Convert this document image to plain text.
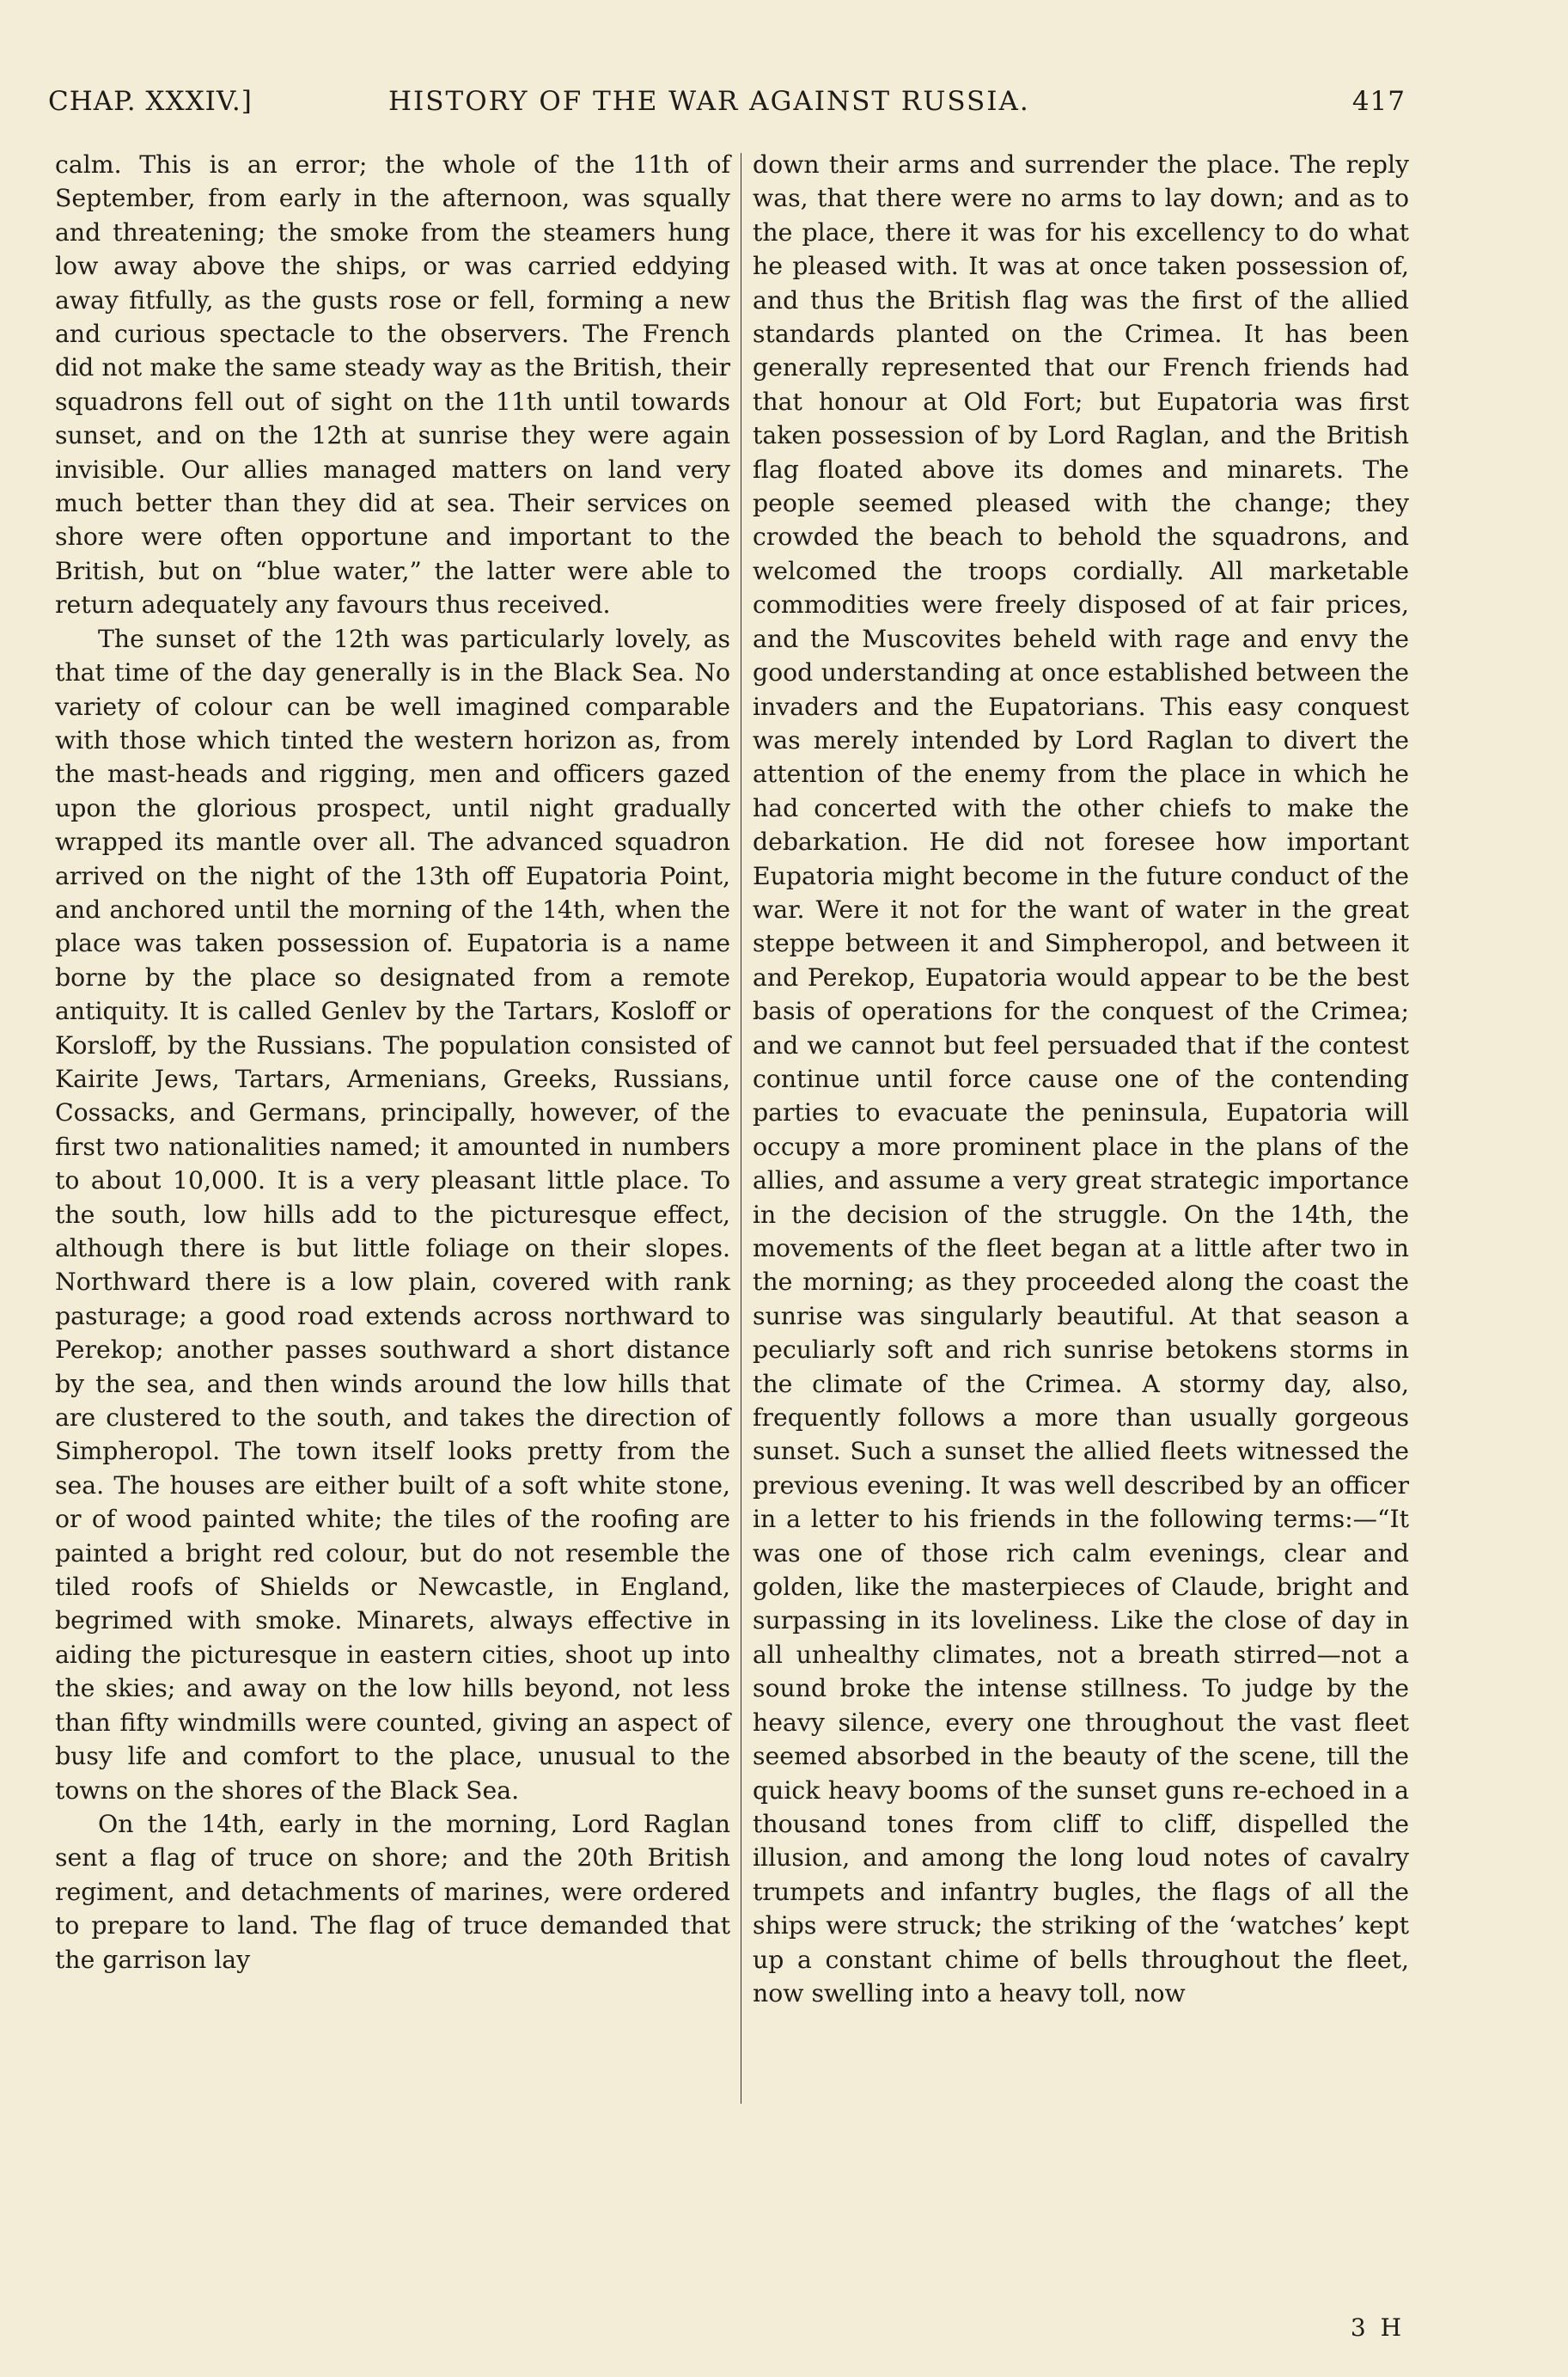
CHAP. XXXIV.]	HISTORY OF THE WAR AGAINST RUSSIA.	417

calm. This is an error; the whole of the 11th of September, from early in the afternoon, was squally and threatening; the smoke from the steamers hung low away above the ships, or was carried eddying away fitfully, as the gusts rose or fell, forming a new and curious spectacle to the observers. The French did not make the same steady way as the British, their squadrons fell out of sight on the 11th until towards sunset, and on the 12th at sunrise they were again invisible. Our allies managed matters on land very much better than they did at sea. Their services on shore were often opportune and important to the British, but on “blue water,” the latter were able to return adequately any favours thus received.

The sunset of the 12th was particularly lovely, as that time of the day generally is in the Black Sea. No variety of colour can be well imagined comparable with those which tinted the western horizon as, from the mast-heads and rigging, men and officers gazed upon the glorious prospect, until night gradually wrapped its mantle over all. The advanced squadron arrived on the night of the 13th off Eupatoria Point, and anchored until the morning of the 14th, when the place was taken possession of. Eupatoria is a name borne by the place so designated from a remote antiquity. It is called Genlev by the Tartars, Kosloff or Korsloff, by the Russians. The population consisted of Kairite Jews, Tartars, Armenians, Greeks, Russians, Cossacks, and Germans, principally, however, of the first two nationalities named; it amounted in numbers to about 10,000. It is a very pleasant little place. To the south, low hills add to the picturesque effect, although there is but little foliage on their slopes. Northward there is a low plain, covered with rank pasturage; a good road extends across northward to Perekop; another passes southward a short distance by the sea, and then winds around the low hills that are clustered to the south, and takes the direction of Simpheropol. The town itself looks pretty from the sea. The houses are either built of a soft white stone, or of wood painted white; the tiles of the roofing are painted a bright red colour, but do not resemble the tiled roofs of Shields or Newcastle, in England, begrimed with smoke. Minarets, always effective in aiding the picturesque in eastern cities, shoot up into the skies; and away on the low hills beyond, not less than fifty windmills were counted, giving an aspect of busy life and comfort to the place, unusual to the towns on the shores of the Black Sea.

On the 14th, early in the morning, Lord Raglan sent a flag of truce on shore; and the 20th British regiment, and detachments of marines, were ordered to prepare to land. The flag of truce demanded that the garrison lay

down their arms and surrender the place. The reply was, that there were no arms to lay down; and as to the place, there it was for his excellency to do what he pleased with. It was at once taken possession of, and thus the British flag was the first of the allied standards planted on the Crimea. It has been generally represented that our French friends had that honour at Old Fort; but Eupatoria was first taken possession of by Lord Raglan, and the British flag floated above its domes and minarets. The people seemed pleased with the change; they crowded the beach to behold the squadrons, and welcomed the troops cordially. All marketable commodities were freely disposed of at fair prices, and the Muscovites beheld with rage and envy the good understanding at once established between the invaders and the Eupatorians. This easy conquest was merely intended by Lord Raglan to divert the attention of the enemy from the place in which he had concerted with the other chiefs to make the debarkation. He did not foresee how important Eupatoria might become in the future conduct of the war. Were it not for the want of water in the great steppe between it and Simpheropol, and between it and Perekop, Eupatoria would appear to be the best basis of operations for the conquest of the Crimea; and we cannot but feel persuaded that if the contest continue until force cause one of the contending parties to evacuate the peninsula, Eupatoria will occupy a more prominent place in the plans of the allies, and assume a very great strategic importance in the decision of the struggle. On the 14th, the movements of the fleet began at a little after two in the morning; as they proceeded along the coast the sunrise was singularly beautiful. At that season a peculiarly soft and rich sunrise betokens storms in the climate of the Crimea. A stormy day, also, frequently follows a more than usually gorgeous sunset. Such a sunset the allied fleets witnessed the previous evening. It was well described by an officer in a letter to his friends in the following terms:—“It was one of those rich calm evenings, clear and golden, like the masterpieces of Claude, bright and surpassing in its loveliness. Like the close of day in all unhealthy climates, not a breath stirred—not a sound broke the intense stillness. To judge by the heavy silence, every one throughout the vast fleet seemed absorbed in the beauty of the scene, till the quick heavy booms of the sunset guns re-echoed in a thousand tones from cliff to cliff, dispelled the illusion, and among the long loud notes of cavalry trumpets and infantry bugles, the flags of all the ships were struck; the striking of the ‘watches’ kept up a constant chime of bells throughout the fleet, now swelling into a heavy toll, now

3 H
